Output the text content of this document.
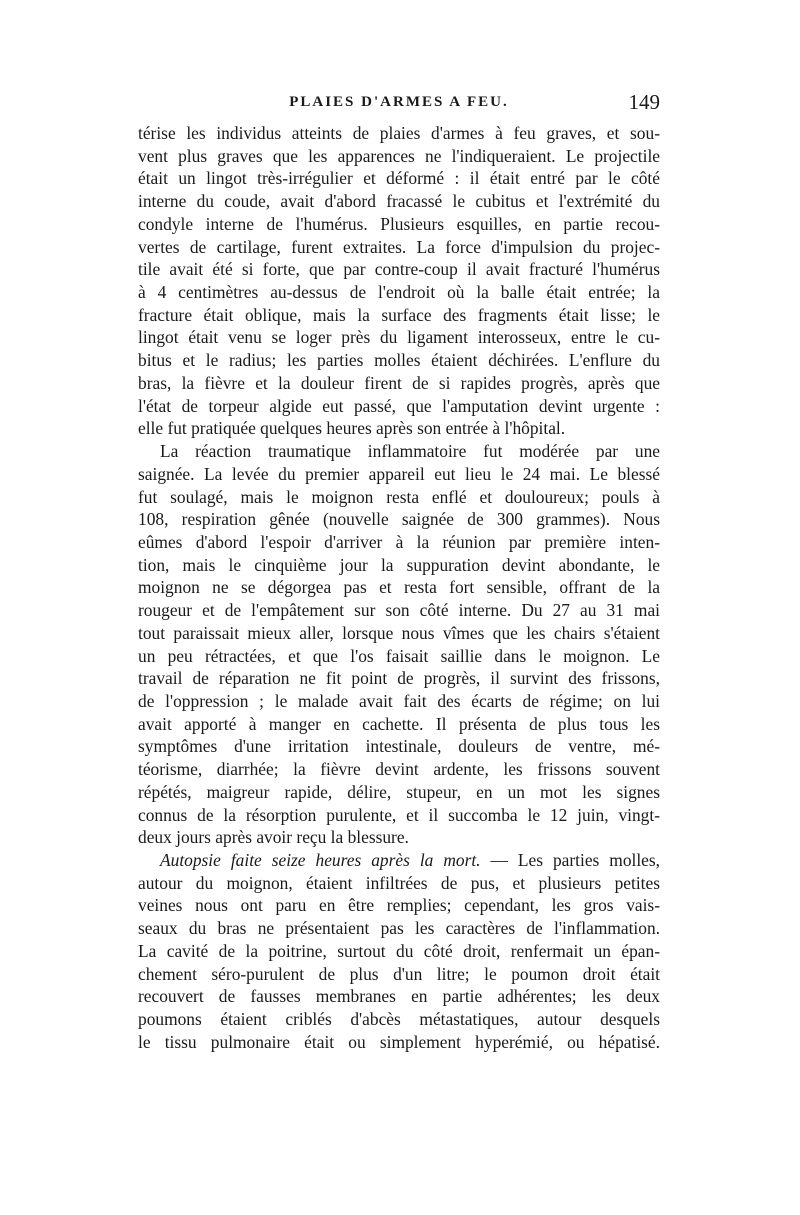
PLAIES D'ARMES A FEU.	149
térise les individus atteints de plaies d'armes à feu graves, et sou-
vent plus graves que les apparences ne l'indiqueraient. Le projectile
était un lingot très-irrégulier et déformé : il était entré par le côté
interne du coude, avait d'abord fracassé le cubitus et l'extrémité du
condyle interne de l'humérus. Plusieurs esquilles, en partie recou-
vertes de cartilage, furent extraites. La force d'impulsion du projec-
tile avait été si forte, que par contre-coup il avait fracturé l'humérus
à 4 centimètres au-dessus de l'endroit où la balle était entrée; la
fracture était oblique, mais la surface des fragments était lisse; le
lingot était venu se loger près du ligament interosseux, entre le cu-
bitus et le radius; les parties molles étaient déchirées. L'enflure du
bras, la fièvre et la douleur firent de si rapides progrès, après que
l'état de torpeur algide eut passé, que l'amputation devint urgente :
elle fut pratiquée quelques heures après son entrée à l'hôpital.
La réaction traumatique inflammatoire fut modérée par une
saignée. La levée du premier appareil eut lieu le 24 mai. Le blessé
fut soulagé, mais le moignon resta enflé et douloureux; pouls à
108, respiration gênée (nouvelle saignée de 300 grammes). Nous
eûmes d'abord l'espoir d'arriver à la réunion par première inten-
tion, mais le cinquième jour la suppuration devint abondante, le
moignon ne se dégorgea pas et resta fort sensible, offrant de la
rougeur et de l'empâtement sur son côté interne. Du 27 au 31 mai
tout paraissait mieux aller, lorsque nous vîmes que les chairs s'étaient
un peu rétractées, et que l'os faisait saillie dans le moignon. Le
travail de réparation ne fit point de progrès, il survint des frissons,
de l'oppression ; le malade avait fait des écarts de régime; on lui
avait apporté à manger en cachette. Il présenta de plus tous les
symptômes d'une irritation intestinale, douleurs de ventre, mé-
téorisme, diarrhée; la fièvre devint ardente, les frissons souvent
répétés, maigreur rapide, délire, stupeur, en un mot les signes
connus de la résorption purulente, et il succomba le 12 juin, vingt-
deux jours après avoir reçu la blessure.
Autopsie faite seize heures après la mort. — Les parties molles,
autour du moignon, étaient infiltrées de pus, et plusieurs petites
veines nous ont paru en être remplies; cependant, les gros vais-
seaux du bras ne présentaient pas les caractères de l'inflammation.
La cavité de la poitrine, surtout du côté droit, renfermait un épan-
chement séro-purulent de plus d'un litre; le poumon droit était
recouvert de fausses membranes en partie adhérentes; les deux
poumons étaient criblés d'abcès métastatiques, autour desquels
le tissu pulmonaire était ou simplement hyperémié, ou hépatisé.
